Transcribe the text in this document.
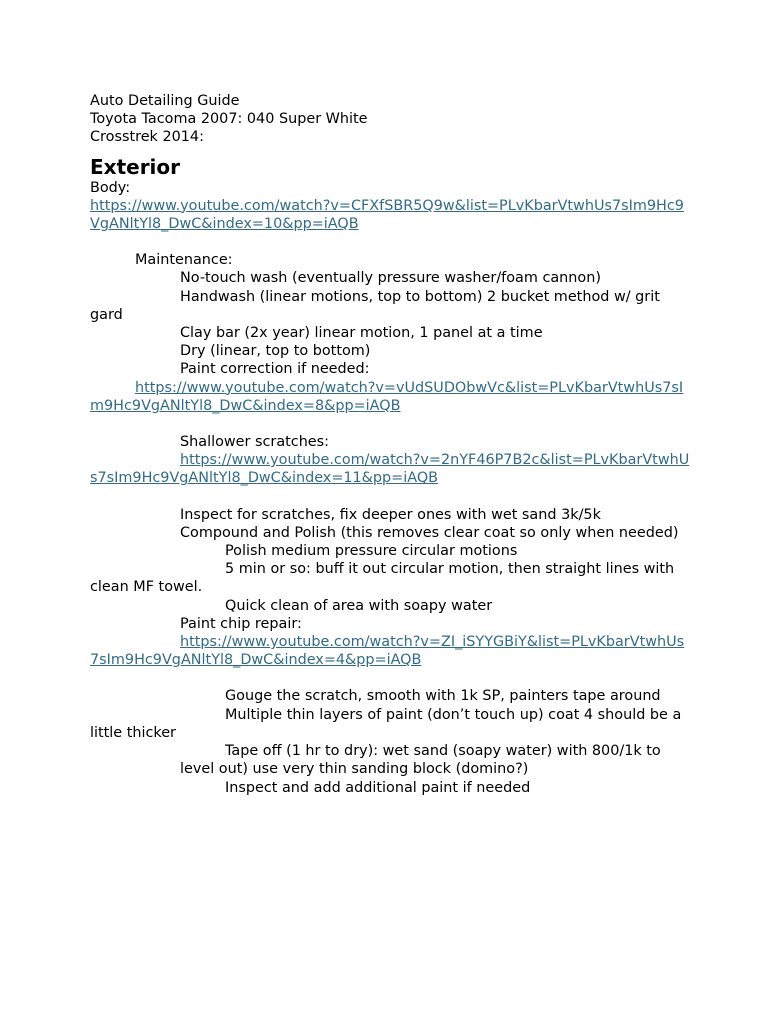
Auto Detailing Guide

Toyota Tacoma 2007: 040 Super White

Crosstrek 2014:

Exterior

Body:

https://www.youtube.com/watch?v=CFXfSBR5Q9w&list=PLvKbarVtwhUs7sIm9Hc9VgANltYl8_DwC&index=10&pp=iAQB

Maintenance:

No-touch wash (eventually pressure washer/foam cannon)

Handwash (linear motions, top to bottom) 2 bucket method w/ grit gard

Clay bar (2x year) linear motion, 1 panel at a time

Dry (linear, top to bottom)

Paint correction if needed:

https://www.youtube.com/watch?v=vUdSUDObwVc&list=PLvKbarVtwhUs7sIm9Hc9VgANltYl8_DwC&index=8&pp=iAQB

Shallower scratches:

https://www.youtube.com/watch?v=2nYF46P7B2c&list=PLvKbarVtwhUs7sIm9Hc9VgANltYl8_DwC&index=11&pp=iAQB

Inspect for scratches, fix deeper ones with wet sand 3k/5k

Compound and Polish (this removes clear coat so only when needed)

Polish medium pressure circular motions

5 min or so: buff it out circular motion, then straight lines with clean MF towel.

Quick clean of area with soapy water

Paint chip repair:

https://www.youtube.com/watch?v=ZI_iSYYGBiY&list=PLvKbarVtwhUs7sIm9Hc9VgANltYl8_DwC&index=4&pp=iAQB

Gouge the scratch, smooth with 1k SP, painters tape around

Multiple thin layers of paint (don’t touch up) coat 4 should be a little thicker

Tape off (1 hr to dry): wet sand (soapy water) with 800/1k to level out) use very thin sanding block (domino?)

Inspect and add additional paint if needed
